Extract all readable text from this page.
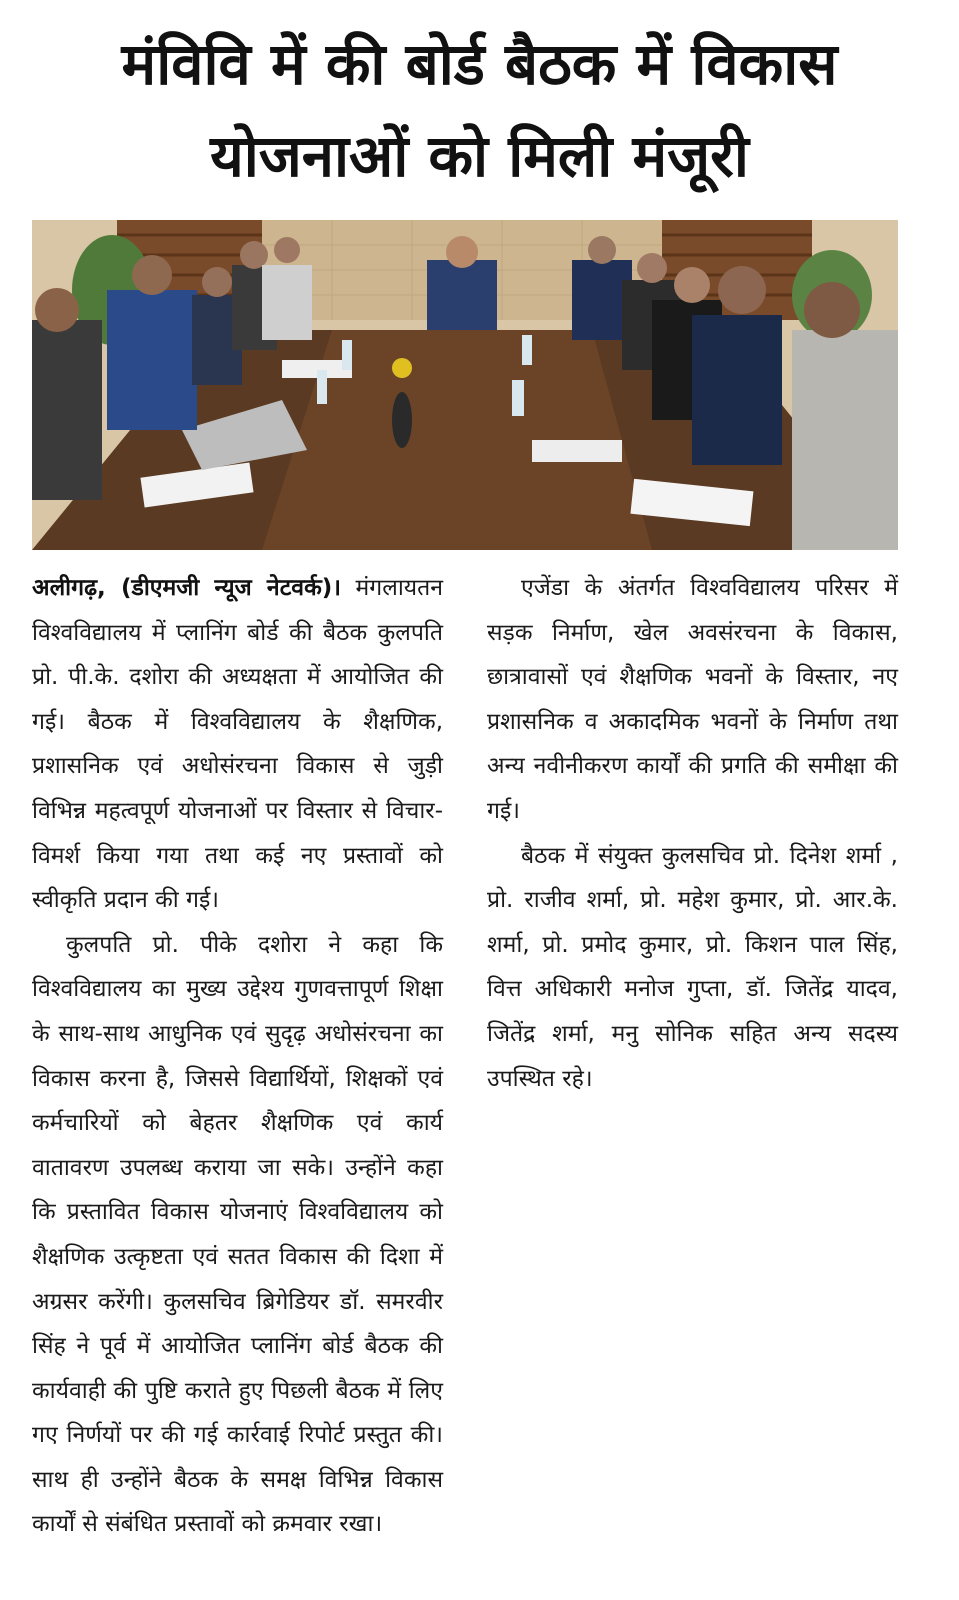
मंविवि में की बोर्ड बैठक में विकास
योजनाओं को मिली मंजूरी

अलीगढ़, (डीएमजी न्यूज नेटवर्क)। मंगलायतन विश्वविद्यालय में प्लानिंग बोर्ड की बैठक कुलपति प्रो. पी.के. दशोरा की अध्यक्षता में आयोजित की गई। बैठक में विश्वविद्यालय के शैक्षणिक, प्रशासनिक एवं अधोसंरचना विकास से जुड़ी विभिन्न महत्वपूर्ण योजनाओं पर विस्तार से विचार-विमर्श किया गया तथा कई नए प्रस्तावों को स्वीकृति प्रदान की गई।

कुलपति प्रो. पीके दशोरा ने कहा कि विश्वविद्यालय का मुख्य उद्देश्य गुणवत्तापूर्ण शिक्षा के साथ-साथ आधुनिक एवं सुदृढ़ अधोसंरचना का विकास करना है, जिससे विद्यार्थियों, शिक्षकों एवं कर्मचारियों को बेहतर शैक्षणिक एवं कार्य वातावरण उपलब्ध कराया जा सके। उन्होंने कहा कि प्रस्तावित विकास योजनाएं विश्वविद्यालय को शैक्षणिक उत्कृष्टता एवं सतत विकास की दिशा में अग्रसर करेंगी। कुलसचिव ब्रिगेडियर डॉ. समरवीर सिंह ने पूर्व में आयोजित प्लानिंग बोर्ड बैठक की कार्यवाही की पुष्टि कराते हुए पिछली बैठक में लिए गए निर्णयों पर की गई कार्रवाई रिपोर्ट प्रस्तुत की। साथ ही उन्होंने बैठक के समक्ष विभिन्न विकास कार्यों से संबंधित प्रस्तावों को क्रमवार रखा।

एजेंडा के अंतर्गत विश्वविद्यालय परिसर में सड़क निर्माण, खेल अवसंरचना के विकास, छात्रावासों एवं शैक्षणिक भवनों के विस्तार, नए प्रशासनिक व अकादमिक भवनों के निर्माण तथा अन्य नवीनीकरण कार्यों की प्रगति की समीक्षा की गई।

बैठक में संयुक्त कुलसचिव प्रो. दिनेश शर्मा , प्रो. राजीव शर्मा, प्रो. महेश कुमार, प्रो. आर.के. शर्मा, प्रो. प्रमोद कुमार, प्रो. किशन पाल सिंह, वित्त अधिकारी मनोज गुप्ता, डॉ. जितेंद्र यादव, जितेंद्र शर्मा, मनु सोनिक सहित अन्य सदस्य उपस्थित रहे।
